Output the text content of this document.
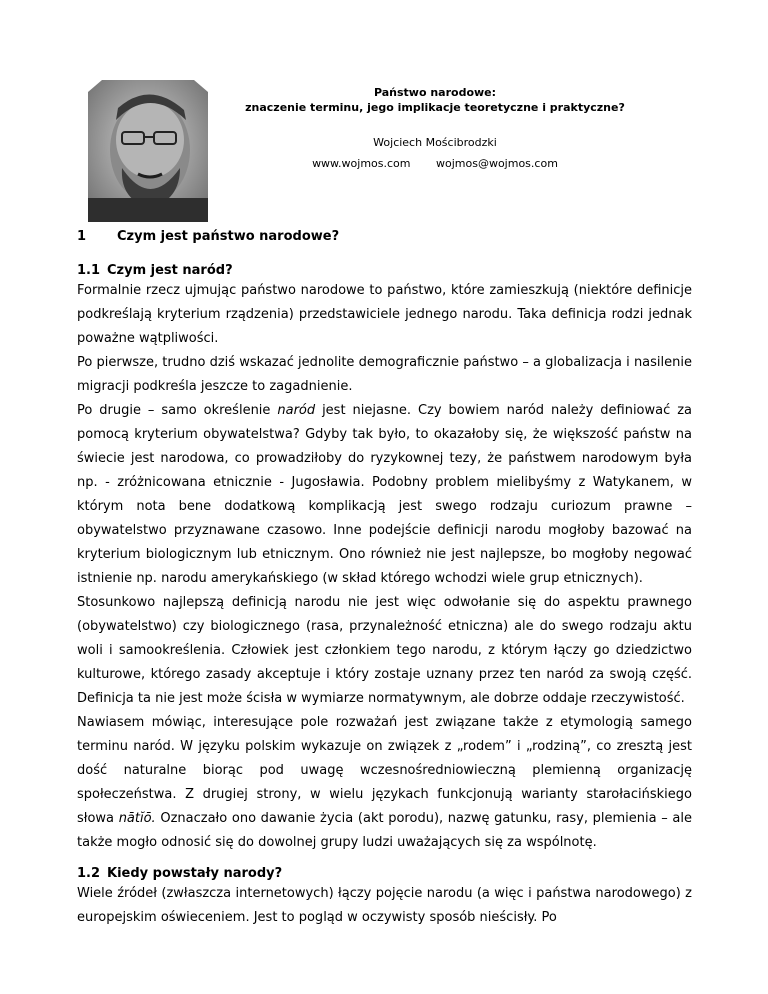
Państwo narodowe:
znaczenie terminu, jego implikacje teoretyczne i praktyczne?
Wojciech Mościbrodzki
www.wojmos.com wojmos@wojmos.com
1 Czym jest państwo narodowe?
1.1 Czym jest naród?

Formalnie rzecz ujmując państwo narodowe to państwo, które zamieszkują (niektóre definicje podkreślają kryterium rządzenia) przedstawiciele jednego narodu. Taka definicja rodzi jednak poważne wątpliwości.

Po pierwsze, trudno dziś wskazać jednolite demograficznie państwo – a globalizacja i nasilenie migracji podkreśla jeszcze to zagadnienie.

Po drugie – samo określenie naród jest niejasne. Czy bowiem naród należy definiować za pomocą kryterium obywatelstwa? Gdyby tak było, to okazałoby się, że większość państw na świecie jest narodowa, co prowadziłoby do ryzykownej tezy, że państwem narodowym była np. - zróżnicowana etnicznie - Jugosławia. Podobny problem mielibyśmy z Watykanem, w którym nota bene dodatkową komplikacją jest swego rodzaju curiozum prawne – obywatelstwo przyznawane czasowo. Inne podejście definicji narodu mogłoby bazować na kryterium biologicznym lub etnicznym. Ono również nie jest najlepsze, bo mogłoby negować istnienie np. narodu amerykańskiego (w skład którego wchodzi wiele grup etnicznych).

Stosunkowo najlepszą definicją narodu nie jest więc odwołanie się do aspektu prawnego (obywatelstwo) czy biologicznego (rasa, przynależność etniczna) ale do swego rodzaju aktu woli i samookreślenia. Człowiek jest członkiem tego narodu, z którym łączy go dziedzictwo kulturowe, którego zasady akceptuje i który zostaje uznany przez ten naród za swoją część. Definicja ta nie jest może ścisła w wymiarze normatywnym, ale dobrze oddaje rzeczywistość.

Nawiasem mówiąc, interesujące pole rozważań jest związane także z etymologią samego terminu naród. W języku polskim wykazuje on związek z „rodem” i „rodziną”, co zresztą jest dość naturalne biorąc pod uwagę wczesnośredniowieczną plemienną organizację społeczeństwa. Z drugiej strony, w wielu językach funkcjonują warianty starołacińskiego słowa nātĭō. Oznaczało ono dawanie życia (akt porodu), nazwę gatunku, rasy, plemienia – ale także mogło odnosić się do dowolnej grupy ludzi uważających się za wspólnotę.

1.2 Kiedy powstały narody?

Wiele źródeł (zwłaszcza internetowych) łączy pojęcie narodu (a więc i państwa narodowego) z europejskim oświeceniem. Jest to pogląd w oczywisty sposób nieścisły. Po
